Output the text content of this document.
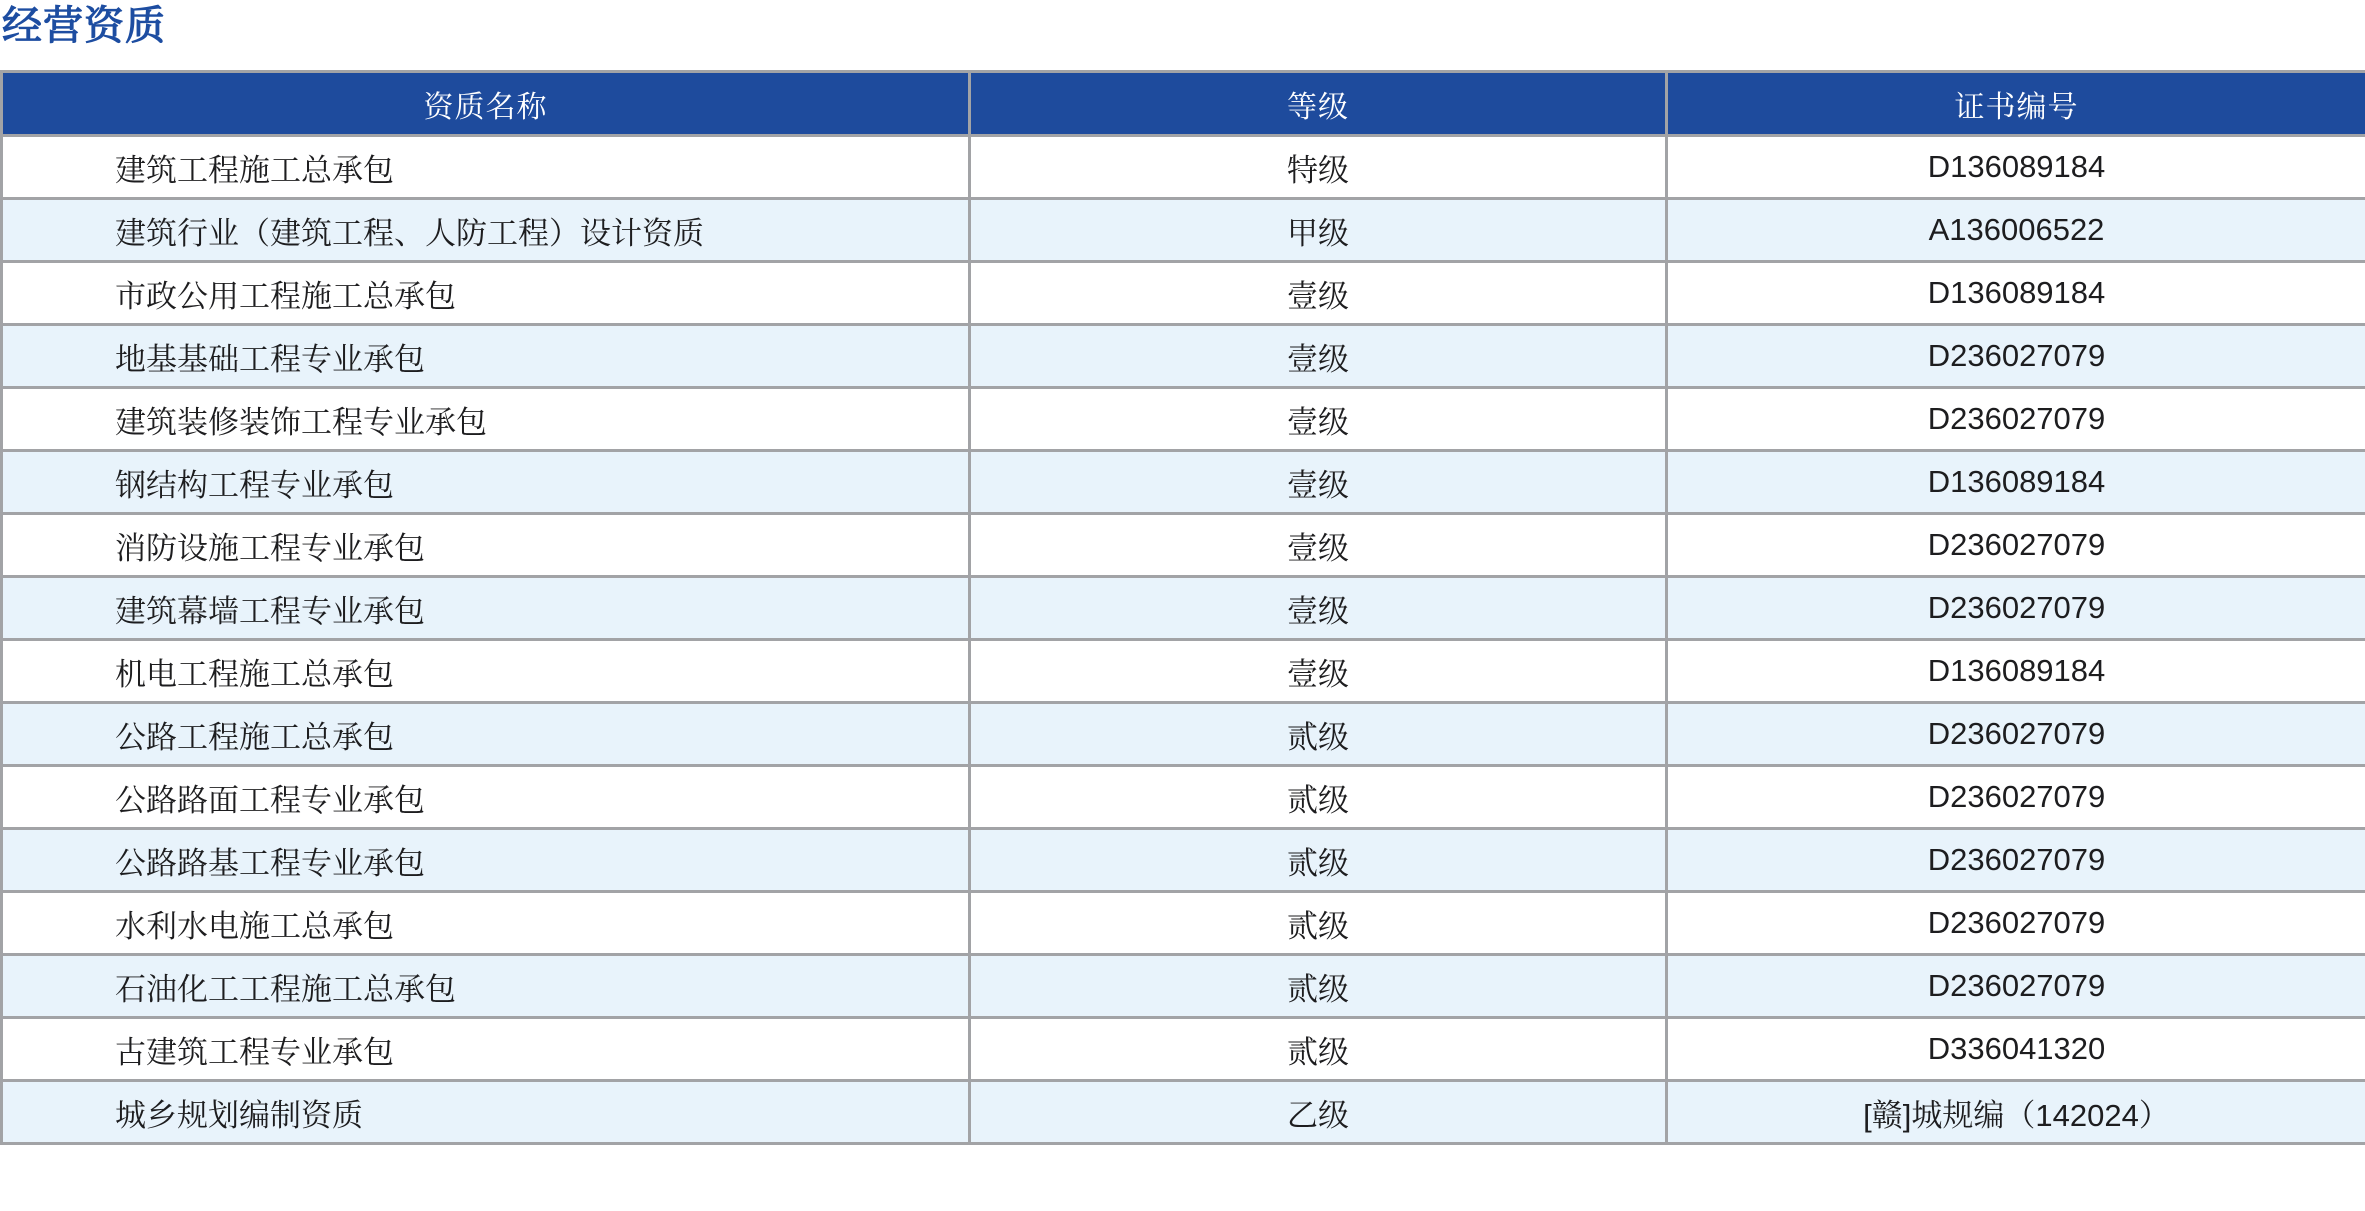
经营资质
资质名称	等级	证书编号
建筑工程施工总承包	特级	D136089184
建筑行业（建筑工程、人防工程）设计资质	甲级	A136006522
市政公用工程施工总承包	壹级	D136089184
地基基础工程专业承包	壹级	D236027079
建筑装修装饰工程专业承包	壹级	D236027079
钢结构工程专业承包	壹级	D136089184
消防设施工程专业承包	壹级	D236027079
建筑幕墙工程专业承包	壹级	D236027079
机电工程施工总承包	壹级	D136089184
公路工程施工总承包	贰级	D236027079
公路路面工程专业承包	贰级	D236027079
公路路基工程专业承包	贰级	D236027079
水利水电施工总承包	贰级	D236027079
石油化工工程施工总承包	贰级	D236027079
古建筑工程专业承包	贰级	D336041320
城乡规划编制资质	乙级	[赣]城规编（142024）
